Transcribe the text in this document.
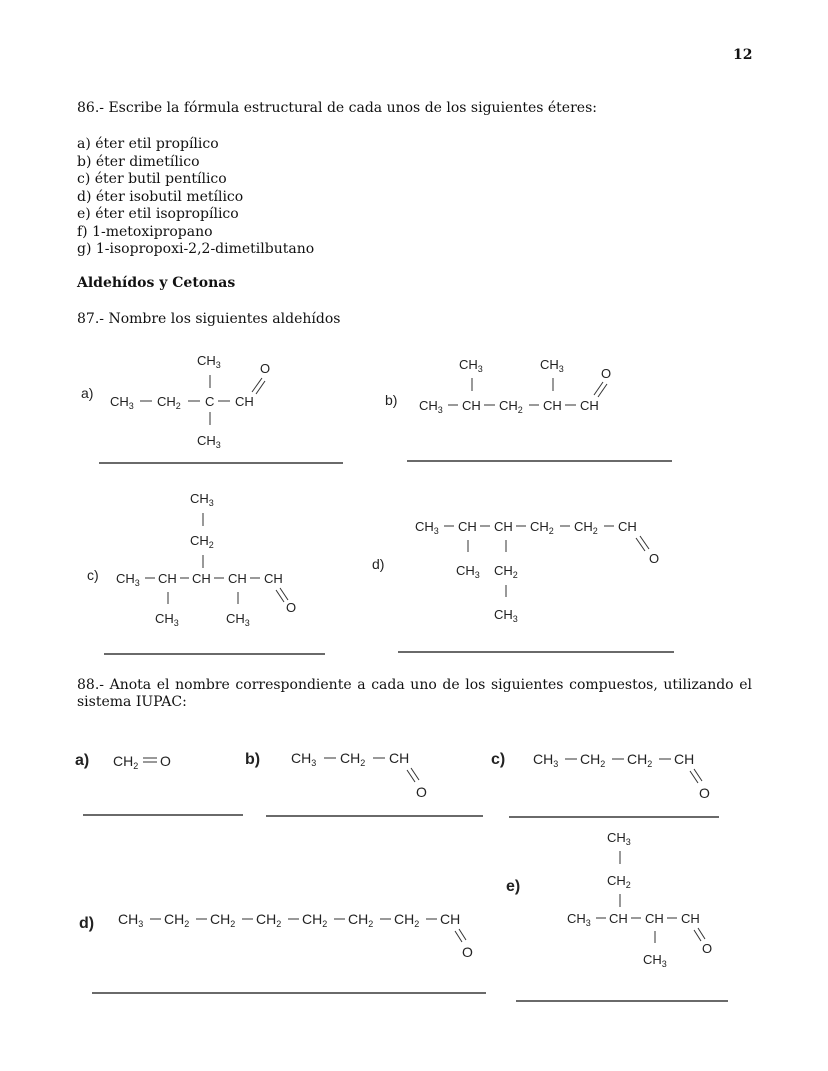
12
86.- Escribe la fórmula estructural de cada unos de los siguientes éteres:
a) éter etil propílico
b) éter dimetílico
c) éter butil pentílico
d) éter isobutil metílico
e) éter etil isopropílico
f) 1-metoxipropano
g) 1-isopropoxi-2,2-dimetilbutano
Aldehídos y Cetonas
87.- Nombre los siguientes aldehídos
88.- Anota el nombre correspondiente a cada uno de los siguientes compuestos, utilizando el sistema IUPAC:
a)
$CH_3$
$CH_3$ $CH_2$ C CH
$CH_3$
O
b)
$CH_3$	$CH_3$
$CH_3$ CH $CH_2$ CH CH
O
c)
$CH_3$
$CH_2$
$CH_3$ CH CH CH CH
$CH_3$
O
$CH_3$
d)
$CH_3$ CH CH $CH_2$ $CH_2$ CH
O
$CH_3$ $CH_2$
$CH_3$
a) $CH_2$ O	b) $CH_3$ $CH_2$ CH
O
c) $CH_3$ $CH_2$ $CH_2$ CH
O
d) $CH_3$ $CH_2$ $CH_2$ $CH_2$ $CH_2$ $CH_2$ $CH_2$ CH
O
e)
$CH_3$
$CH_2$
$CH_3$ CH CH CH
$CH_3$
O
